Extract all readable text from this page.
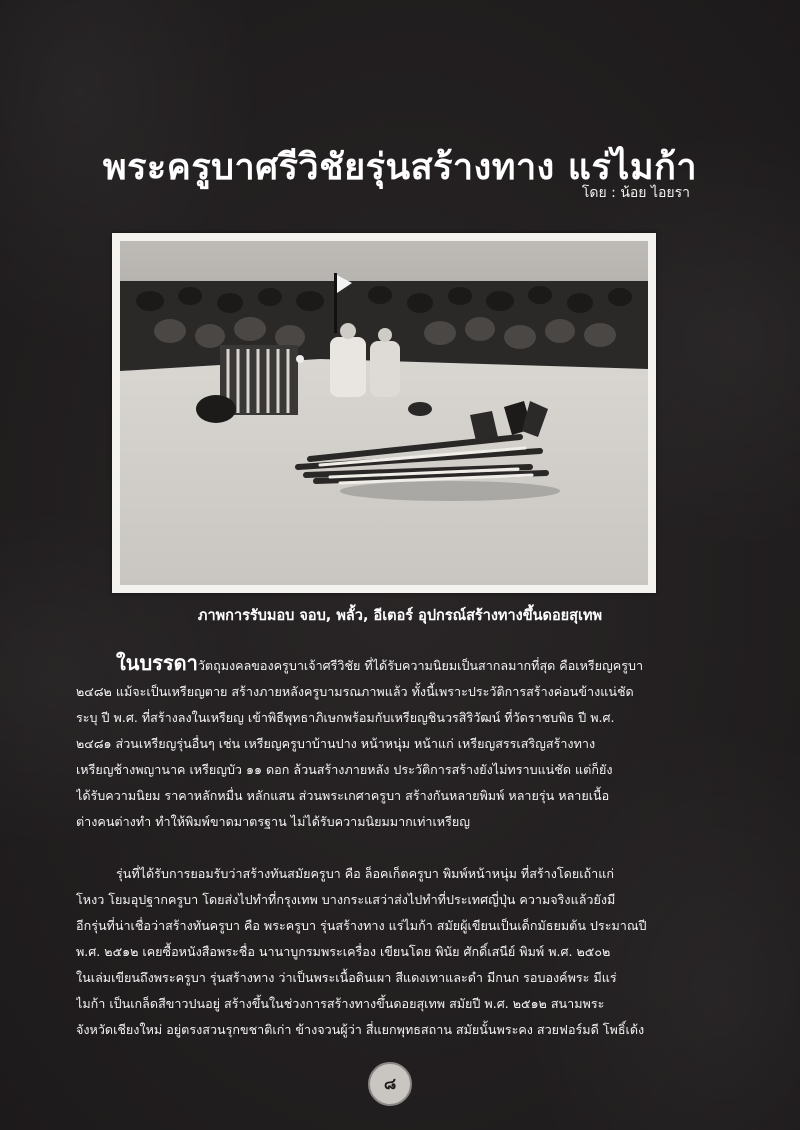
พระครูบาศรีวิชัยรุ่นสร้างทาง แร่ไมก้า
โดย : น้อย ไอยรา
ภาพการรับมอบ จอบ, พลั้ว, อีเตอร์ อุปกรณ์สร้างทางขึ้นดอยสุเทพ

ในบรรดาวัตถุมงคลของครูบาเจ้าศรีวิชัย ที่ได้รับความนิยมเป็นสากลมากที่สุด คือเหรียญครูบา
๒๔๘๒ แม้จะเป็นเหรียญตาย สร้างภายหลังครูบามรณภาพแล้ว ทั้งนี้เพราะประวัติการสร้างค่อนข้างแน่ชัด
ระบุ ปี พ.ศ. ที่สร้างลงในเหรียญ เข้าพิธีพุทธาภิเษกพร้อมกับเหรียญชินวรสิริวัฒน์ ที่วัดราชบพิธ ปี พ.ศ.
๒๔๘๑ ส่วนเหรียญรุ่นอื่นๆ เช่น เหรียญครูบาบ้านปาง หน้าหนุ่ม หน้าแก่ เหรียญสรรเสริญสร้างทาง
เหรียญช้างพญานาค เหรียญบัว ๑๑ ดอก ล้วนสร้างภายหลัง ประวัติการสร้างยังไม่ทราบแน่ชัด แต่ก็ยัง
ได้รับความนิยม ราคาหลักหมื่น หลักแสน ส่วนพระเกศาครูบา สร้างกันหลายพิมพ์ หลายรุ่น หลายเนื้อ
ต่างคนต่างทำ ทำให้พิมพ์ขาดมาตรฐาน ไม่ได้รับความนิยมมากเท่าเหรียญ

รุ่นที่ได้รับการยอมรับว่าสร้างทันสมัยครูบา คือ ล็อคเก็ตครูบา พิมพ์หน้าหนุ่ม ที่สร้างโดยเถ้าแก่
โหงว โยมอุปฐากครูบา โดยส่งไปทำที่กรุงเทพ บางกระแสว่าส่งไปทำที่ประเทศญี่ปุ่น ความจริงแล้วยังมี
อีกรุ่นที่น่าเชื่อว่าสร้างทันครูบา คือ พระครูบา รุ่นสร้างทาง แร่ไมก้า สมัยผู้เขียนเป็นเด็กมัธยมต้น ประมาณปี
พ.ศ. ๒๕๑๒ เคยซื้อหนังสือพระชื่อ นานาบูกรมพระเครื่อง เขียนโดย พินัย ศักดิ์เสนีย์ พิมพ์ พ.ศ. ๒๕๐๒
ในเล่มเขียนถึงพระครูบา รุ่นสร้างทาง ว่าเป็นพระเนื้อดินเผา สีแดงเทาและดำ มีกนก รอบองค์พระ มีแร่
ไมก้า เป็นเกล็ดสีขาวปนอยู่ สร้างขึ้นในช่วงการสร้างทางขึ้นดอยสุเทพ สมัยปี พ.ศ. ๒๕๑๒ สนามพระ
จังหวัดเชียงใหม่ อยู่ตรงสวนรุกขชาติเก่า ข้างจวนผู้ว่า สี่แยกพุทธสถาน สมัยนั้นพระคง สวยฟอร์มดี โพธิ์เด้ง

๘
